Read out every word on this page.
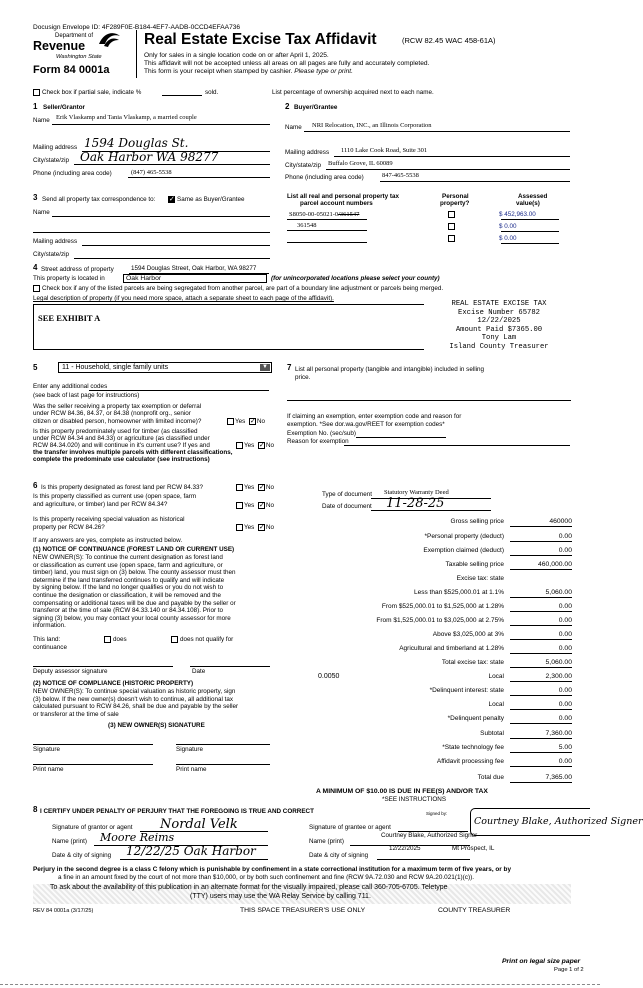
Docusign Envelope ID: 4F289F0E-B184-4EF7-AADB-0CCD4EFAA736
Department of
Revenue
Washington State
Form 84 0001a
Real Estate Excise Tax Affidavit	(RCW 82.45 WAC 458-61A)
Only for sales in a single location code on or after April 1, 2025.
This affidavit will not be accepted unless all areas on all pages are fully and accurately completed.
This form is your receipt when stamped by cashier. Please type or print.
Check box if partial sale, indicate %	sold.	List percentage of ownership acquired next to each name.
1 Seller/Grantor
Name Erik Vlaskamp and Tania Vlaskamp, a married couple
Mailing address 1594 Douglas St.
City/state/zip Oak Harbor WA 98277
Phone (including area code)	(847) 465-5538
2 Buyer/Grantee
Name NRI Relocation, INC., an Illinois Corporation
Mailing address 1110 Lake Cook Road, Suite 301
City/state/zip Buffalo Grove, IL 60089
Phone (including area code)	847-465-5538
3 Send all property tax correspondence to: ✓ Same as Buyer/Grantee
Name
Mailing address
City/state/zip
List all real and personal property tax
parcel account numbers
Personal
property?
Assessed
value(s)
S8050-00-05021-0/361547	$ 452,963.00
361548	$ 0.00
$ 0.00
4 Street address of property	1594 Douglas Street, Oak Harbor, WA 98277
This property is located in	Oak Harbor	(for unincorporated locations please select your county)
Check box if any of the listed parcels are being segregated from another parcel, are part of a boundary line adjustment or parcels being merged.
Legal description of property (if you need more space, attach a separate sheet to each page of the affidavit).
SEE EXHIBIT A
REAL ESTATE EXCISE TAX
Excise Number 65782
12/22/2025
Amount Paid $7365.00
Tony Lam
Island County Treasurer
5	11 - Household, single family units	▼
Enter any additional codes
(see back of last page for instructions)
Was the seller receiving a property tax exemption or deferral
under RCW 84.36, 84.37, or 84.38 (nonprofit org., senior
citizen or disabled person, homeowner with limited income)?	Yes ✓ No
Is this property predominately used for timber (as classified
under RCW 84.34 and 84.33) or agriculture (as classified under
RCW 84.34.020) and will continue in it's current use? If yes and
the transfer involves multiple parcels with different classifications,
complete the predominate use calculator (see instructions)
Yes ✓ No
7 List all personal property (tangible and intangible) included in selling
price.
If claiming an exemption, enter exemption code and reason for
exemption. *See dor.wa.gov/REET for exemption codes*
Exemption No. (sec/sub)
Reason for exemption
6 Is this property designated as forest land per RCW 84.33?	Yes ✓ No
Is this property classified as current use (open space, farm
and agriculture, or timber) land per RCW 84.34?	Yes ✓ No
Is this property receiving special valuation as historical
property per RCW 84.26?	Yes ✓ No
If any answers are yes, complete as instructed below.
(1) NOTICE OF CONTINUANCE (FOREST LAND OR CURRENT USE)
NEW OWNER(S): To continue the current designation as forest land
or classification as current use (open space, farm and agriculture, or
timber) land, you must sign on (3) below. The county assessor must then
determine if the land transferred continues to qualify and will indicate
by signing below. If the land no longer qualifies or you do not wish to
continue the designation or classification, it will be removed and the
compensating or additional taxes will be due and payable by the seller or
transferor at the time of sale (RCW 84.33.140 or 84.34.108). Prior to
signing (3) below, you may contact your local county assessor for more
information.
This land:	does	does not qualify for
continuance
Deputy assessor signature	Date
(2) NOTICE OF COMPLIANCE (HISTORIC PROPERTY)
NEW OWNER(S): To continue special valuation as historic property, sign
(3) below. If the new owner(s) doesn't wish to continue, all additional tax
calculated pursuant to RCW 84.26, shall be due and payable by the seller
or transferor at the time of sale
(3) NEW OWNER(S) SIGNATURE
Signature	Signature
Print name	Print name
Type of document Statutory Warranty Deed
Date of document 11-28-25
Gross selling price	460000
*Personal property (deduct)	0.00
Exemption claimed (deduct)	0.00
Taxable selling price	460,000.00
Excise tax: state
Less than $525,000.01 at 1.1%	5,060.00
From $525,000.01 to $1,525,000 at 1.28%	0.00
From $1,525,000.01 to $3,025,000 at 2.75%	0.00
Above $3,025,000 at 3%	0.00
Agricultural and timberland at 1.28%	0.00
Total excise tax: state	5,060.00
0.0050	Local	2,300.00
*Delinquent interest: state	0.00
Local	0.00
*Delinquent penalty	0.00
Subtotal	7,360.00
*State technology fee	5.00
Affidavit processing fee	0.00
Total due	7,365.00
A MINIMUM OF $10.00 IS DUE IN FEE(S) AND/OR TAX
*SEE INSTRUCTIONS
8 I CERTIFY UNDER PENALTY OF PERJURY THAT THE FOREGOING IS TRUE AND CORRECT
Signature of grantor or agent Nordal Velk
Name (print) Moore Reims
Date & city of signing 12/22/25 Oak Harbor
Signature of grantee or agent
Signed by:
Courtney Blake, Authorized Signer
Name (print)
Courtney Blake, Authorized Signor
Date & city of signing
12/22/2025	Mt Prospect, IL
Perjury in the second degree is a class C felony which is punishable by confinement in a state correctional institution for a maximum term of five years, or by
a fine in an amount fixed by the court of not more than $10,000, or by both such confinement and fine (RCW 9A.72.030 and RCW 9A.20.021(1)(c)).
To ask about the availability of this publication in an alternate format for the visually impaired, please call 360-705-6705. Teletype
(TTY) users may use the WA Relay Service by calling 711.
REV 84 0001a (3/17/25)	THIS SPACE TREASURER'S USE ONLY	COUNTY TREASURER
Print on legal size paper
Page 1 of 2
